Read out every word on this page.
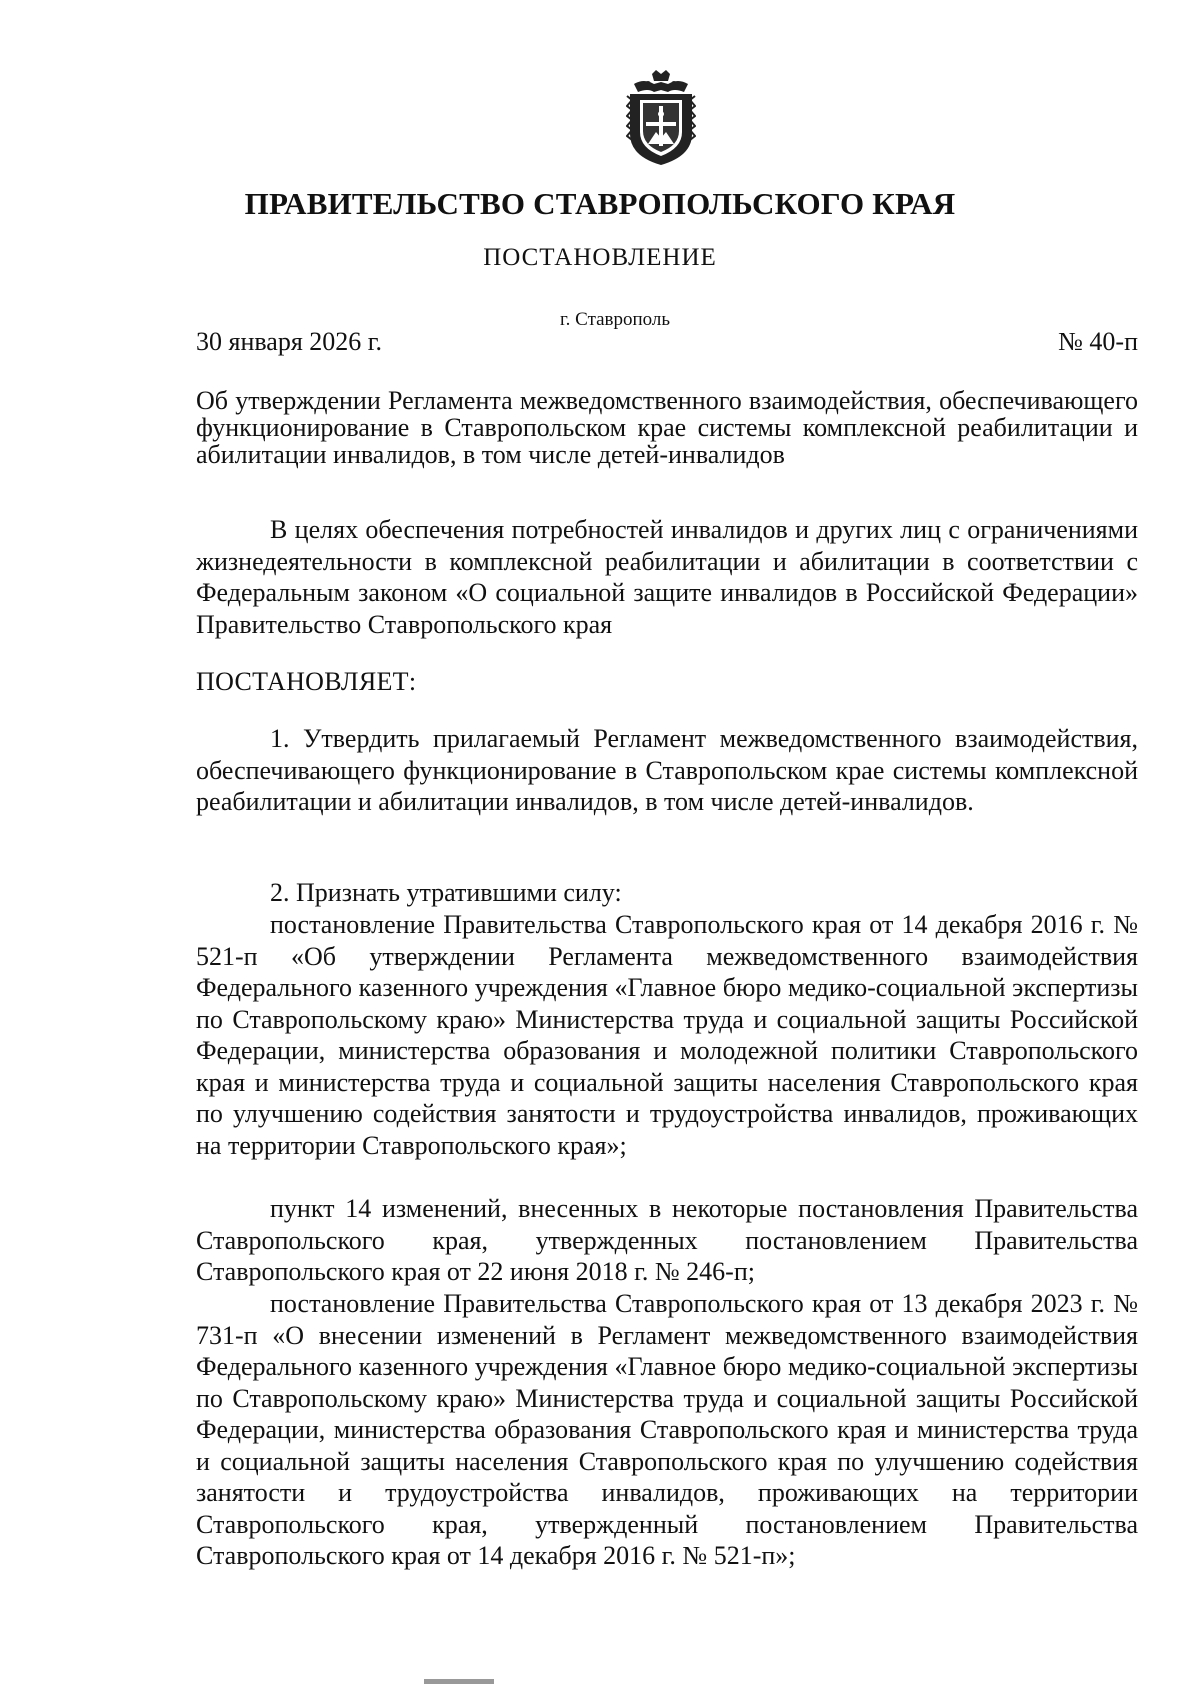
ПРАВИТЕЛЬСТВО СТАВРОПОЛЬСКОГО КРАЯ
ПОСТАНОВЛЕНИЕ
г. Ставрополь
30 января 2026 г.	№ 40-п
Об утверждении Регламента межведомственного взаимодействия, обеспечивающего функционирование в Ставропольском крае системы комплексной реабилитации и абилитации инвалидов, в том числе детей-инвалидов
В целях обеспечения потребностей инвалидов и других лиц с ограничениями жизнедеятельности в комплексной реабилитации и абилитации в соответствии с Федеральным законом «О социальной защите инвалидов в Российской Федерации» Правительство Ставропольского края
ПОСТАНОВЛЯЕТ:
1. Утвердить прилагаемый Регламент межведомственного взаимодействия, обеспечивающего функционирование в Ставропольском крае системы комплексной реабилитации и абилитации инвалидов, в том числе детей-инвалидов.
2. Признать утратившими силу:
постановление Правительства Ставропольского края от 14 декабря 2016 г. № 521-п «Об утверждении Регламента межведомственного взаимодействия Федерального казенного учреждения «Главное бюро медико-социальной экспертизы по Ставропольскому краю» Министерства труда и социальной защиты Российской Федерации, министерства образования и молодежной политики Ставропольского края и министерства труда и социальной защиты населения Ставропольского края по улучшению содействия занятости и трудоустройства инвалидов, проживающих на территории Ставропольского края»;
пункт 14 изменений, внесенных в некоторые постановления Правительства Ставропольского края, утвержденных постановлением Правительства Ставропольского края от 22 июня 2018 г. № 246-п;
постановление Правительства Ставропольского края от 13 декабря 2023 г. № 731-п «О внесении изменений в Регламент межведомственного взаимодействия Федерального казенного учреждения «Главное бюро медико-социальной экспертизы по Ставропольскому краю» Министерства труда и социальной защиты Российской Федерации, министерства образования Ставропольского края и министерства труда и социальной защиты населения Ставропольского края по улучшению содействия занятости и трудоустройства инвалидов, проживающих на территории Ставропольского края, утвержденный постановлением Правительства Ставропольского края от 14 декабря 2016 г. № 521-п»;
